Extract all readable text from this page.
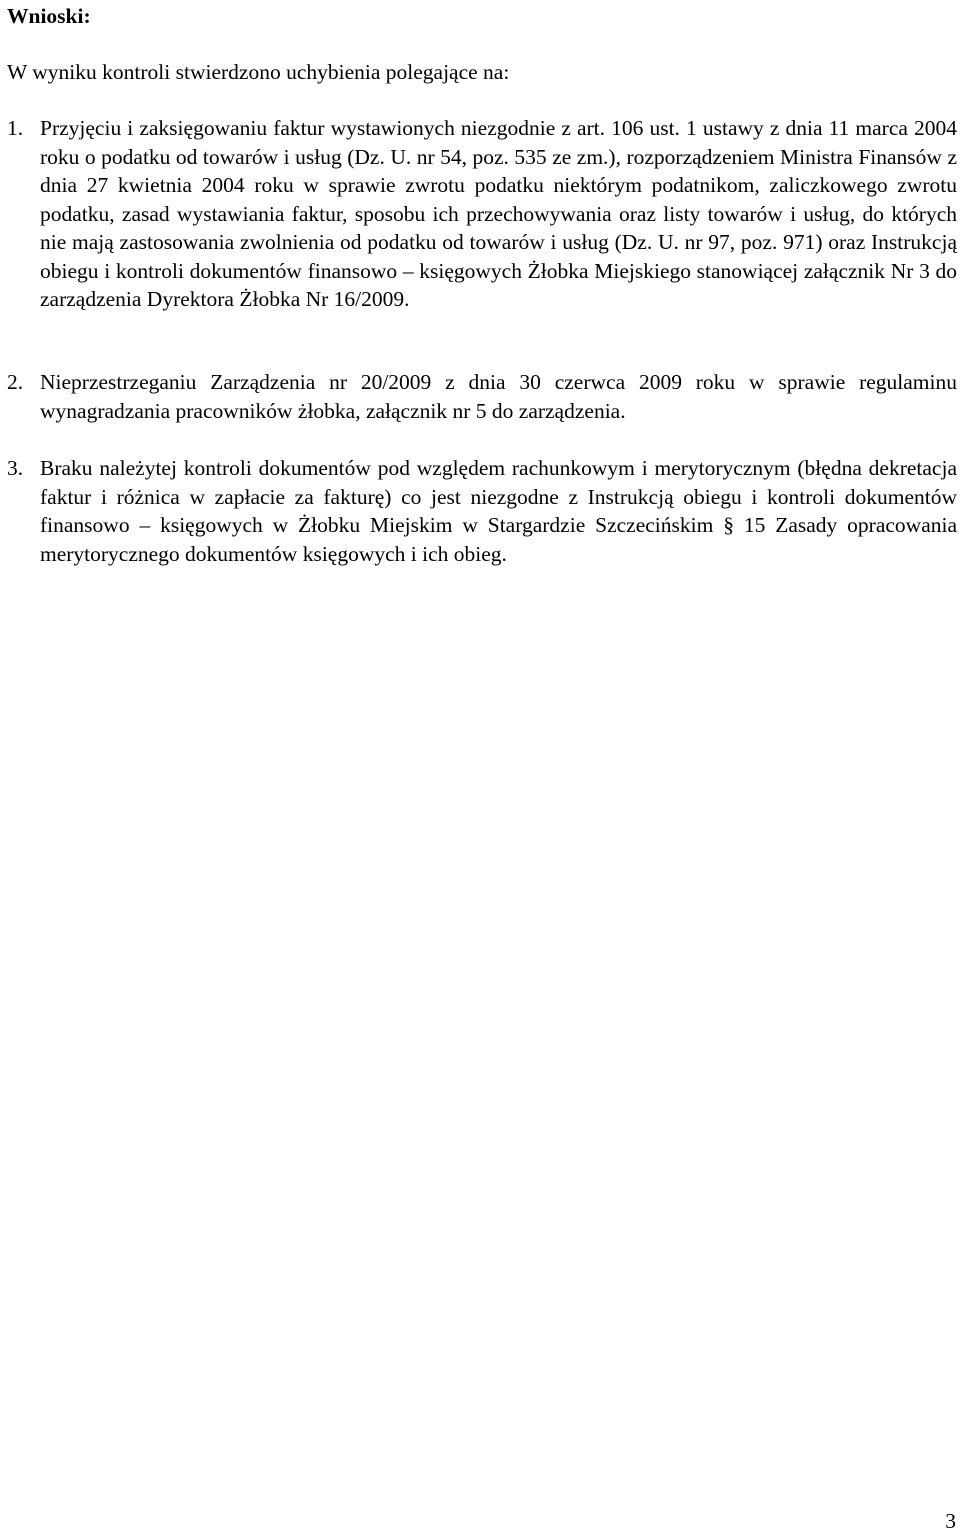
Wnioski:

W wyniku kontroli stwierdzono uchybienia polegające na:

1. Przyjęciu i zaksięgowaniu faktur wystawionych niezgodnie z art. 106 ust. 1 ustawy z dnia 11 marca 2004 roku o podatku od towarów i usług (Dz. U. nr 54, poz. 535 ze zm.), rozporządzeniem Ministra Finansów z dnia 27 kwietnia 2004 roku w sprawie zwrotu podatku niektórym podatnikom, zaliczkowego zwrotu podatku, zasad wystawiania faktur, sposobu ich przechowywania oraz listy towarów i usług, do których nie mają zastosowania zwolnienia od podatku od towarów i usług (Dz. U. nr 97, poz. 971) oraz Instrukcją obiegu i kontroli dokumentów finansowo – księgowych Żłobka Miejskiego stanowiącej załącznik Nr 3 do zarządzenia Dyrektora Żłobka Nr 16/2009.
2. Nieprzestrzeganiu Zarządzenia nr 20/2009 z dnia 30 czerwca 2009 roku w sprawie regulaminu wynagradzania pracowników żłobka, załącznik nr 5 do zarządzenia.
3. Braku należytej kontroli dokumentów pod względem rachunkowym i merytorycznym (błędna dekretacja faktur i różnica w zapłacie za fakturę) co jest niezgodne z Instrukcją obiegu i kontroli dokumentów finansowo – księgowych w Żłobku Miejskim w Stargardzie Szczecińskim § 15 Zasady opracowania merytorycznego dokumentów księgowych i ich obieg.

3
